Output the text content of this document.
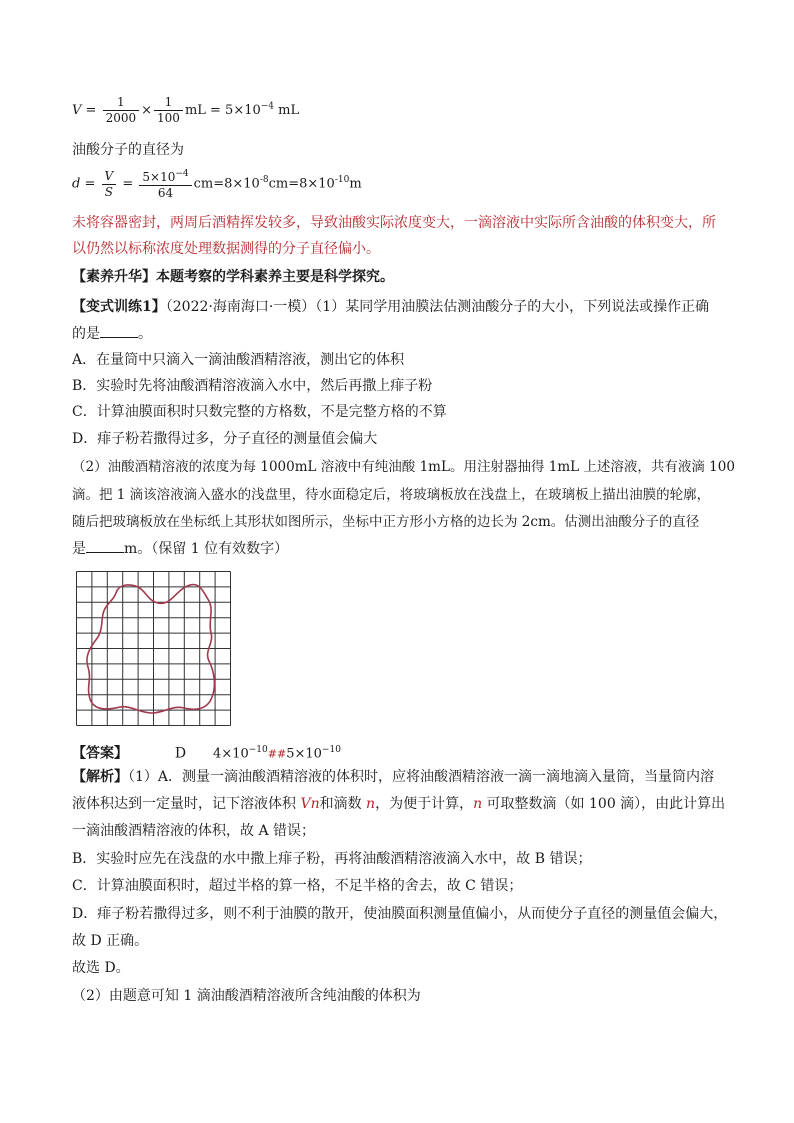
$V = \frac{1}{2000} \times \frac{1}{100}$ mL = $5\times 10^{-4}$ mL
油酸分子的直径为
$d = \frac{V}{S} = \frac{5\times 10^{-4}}{64} cm=8\times 10^{-8}cm=8\times 10^{-10}m$
未将容器密封，两周后酒精挥发较多，导致油酸实际浓度变大，一滴溶液中实际所含油酸的体积变大，所
以仍然以标称浓度处理数据测得的分子直径偏小。
【素养升华】本题考察的学科素养主要是科学探究。
【变式训练1】（2022·海南海口·一模）（1）某同学用油膜法估测油酸分子的大小，下列说法或操作正确
的是	。
A．在量筒中只滴入一滴油酸酒精溶液，测出它的体积
B．实验时先将油酸酒精溶液滴入水中，然后再撒上痱子粉
C．计算油膜面积时只数完整的方格数，不是完整方格的不算
D．痱子粉若撒得过多，分子直径的测量值会偏大
（2）油酸酒精溶液的浓度为每 1000mL 溶液中有纯油酸 1mL。用注射器抽得 1mL 上述溶液，共有液滴 100
滴。把 1 滴该溶液滴入盛水的浅盘里，待水面稳定后，将玻璃板放在浅盘上，在玻璃板上描出油膜的轮廓，
随后把玻璃板放在坐标纸上其形状如图所示，坐标中正方形小方格的边长为 2cm。估测出油酸分子的直径
是	m。（保留 1 位有效数字）
【答案】	D $4\times 10^{-10}\#\#5\times 10^{-10}$
【解析】（1）A．测量一滴油酸酒精溶液的体积时，应将油酸酒精溶液一滴一滴地滴入量筒，当量筒内溶
液体积达到一定量时，记下溶液体积 Vn和滴数 n，为便于计算，n 可取整数滴（如 100 滴），由此计算出
一滴油酸酒精溶液的体积，故 A 错误；
B．实验时应先在浅盘的水中撒上痱子粉，再将油酸酒精溶液滴入水中，故 B 错误；
C．计算油膜面积时，超过半格的算一格，不足半格的舍去，故 C 错误；
D．痱子粉若撒得过多，则不利于油膜的散开，使油膜面积测量值偏小，从而使分子直径的测量值会偏大，
故 D 正确。
故选 D。
（2）由题意可知 1 滴油酸酒精溶液所含纯油酸的体积为
